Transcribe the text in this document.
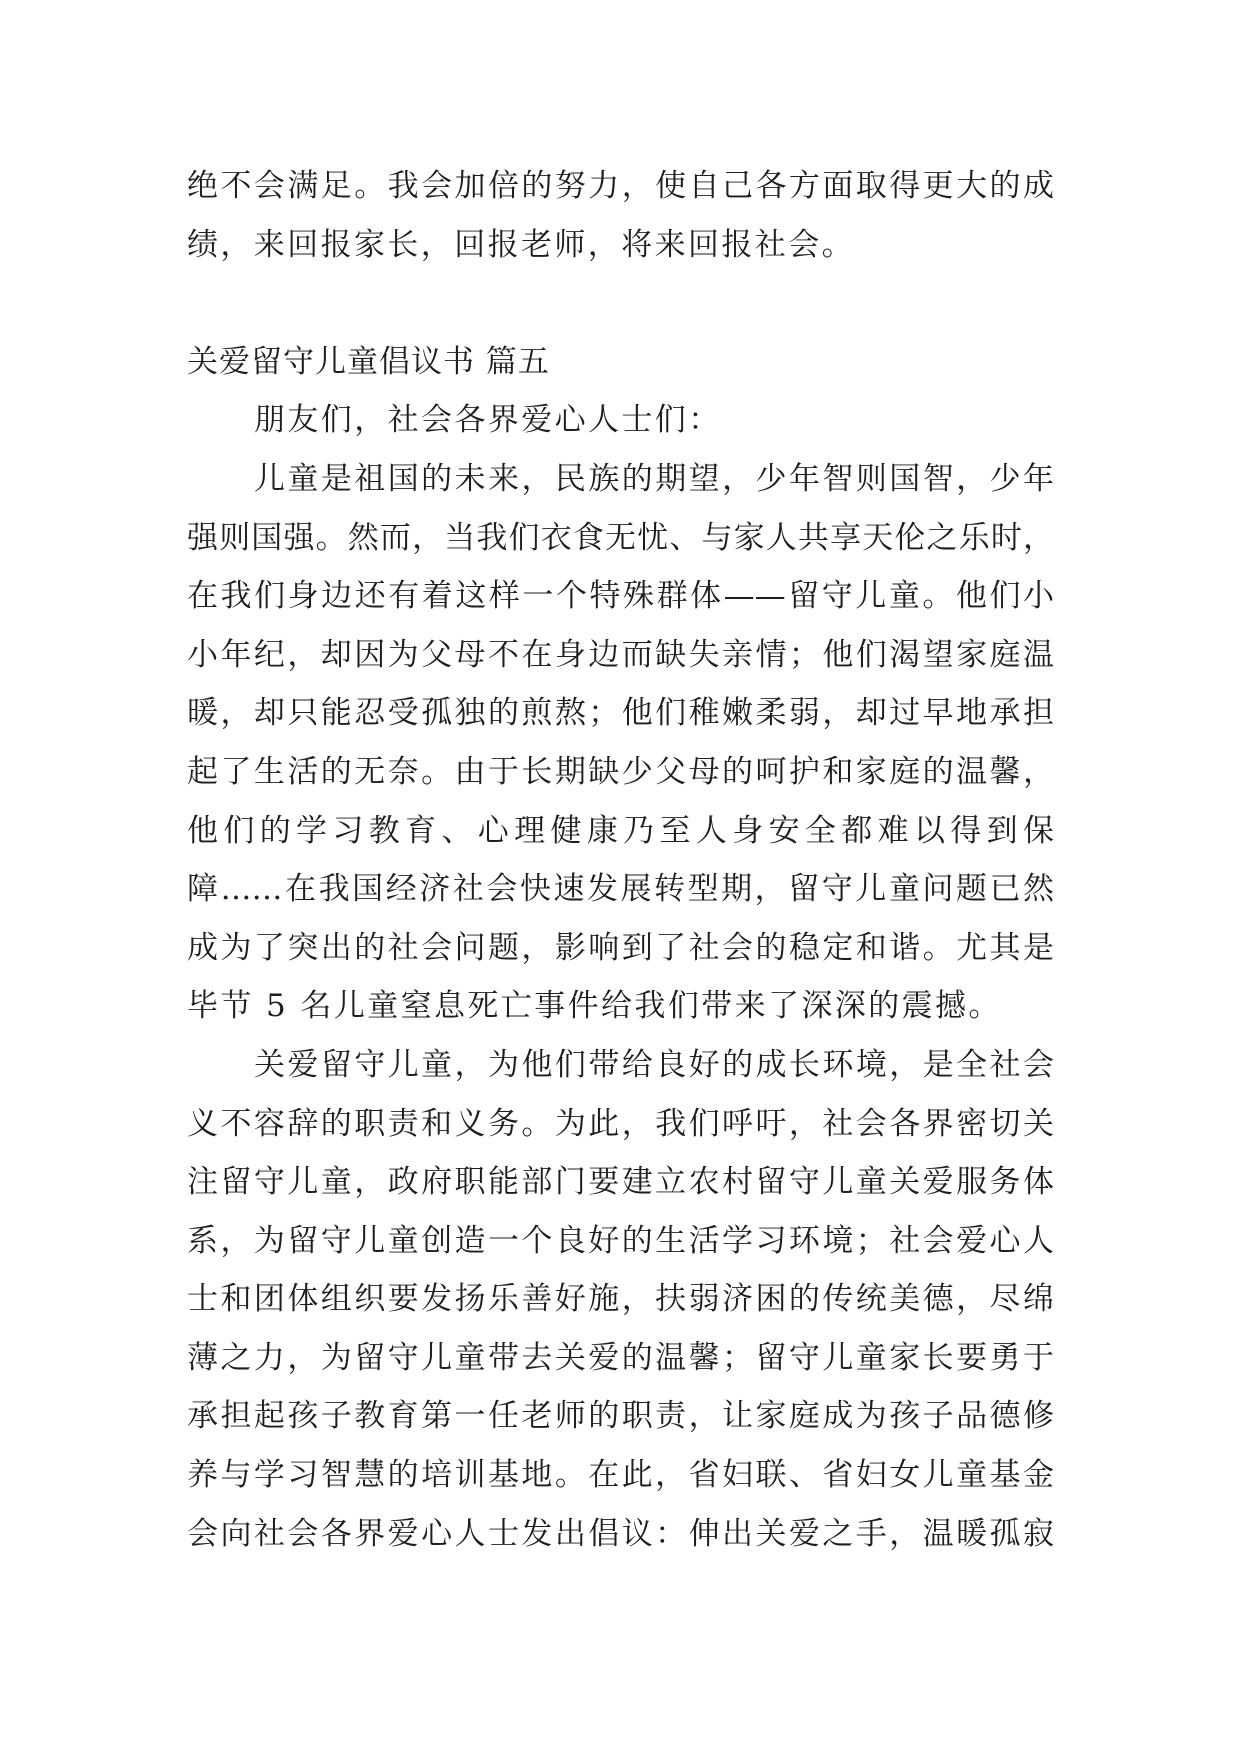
绝不会满足。我会加倍的努力，使自己各方面取得更大的成
绩，来回报家长，回报老师，将来回报社会。
关爱留守儿童倡议书 篇五
朋友们，社会各界爱心人士们：
儿童是祖国的未来，民族的期望，少年智则国智，少年
强则国强。然而，当我们衣食无忧、与家人共享天伦之乐时，
在我们身边还有着这样一个特殊群体——留守儿童。他们小
小年纪，却因为父母不在身边而缺失亲情；他们渴望家庭温
暖，却只能忍受孤独的煎熬；他们稚嫩柔弱，却过早地承担
起了生活的无奈。由于长期缺少父母的呵护和家庭的温馨，
他们的学习教育、心理健康乃至人身安全都难以得到保
障……在我国经济社会快速发展转型期，留守儿童问题已然
成为了突出的社会问题，影响到了社会的稳定和谐。尤其是
毕节 5 名儿童窒息死亡事件给我们带来了深深的震撼。
关爱留守儿童，为他们带给良好的成长环境，是全社会
义不容辞的职责和义务。为此，我们呼吁，社会各界密切关
注留守儿童，政府职能部门要建立农村留守儿童关爱服务体
系，为留守儿童创造一个良好的生活学习环境；社会爱心人
士和团体组织要发扬乐善好施，扶弱济困的传统美德，尽绵
薄之力，为留守儿童带去关爱的温馨；留守儿童家长要勇于
承担起孩子教育第一任老师的职责，让家庭成为孩子品德修
养与学习智慧的培训基地。在此，省妇联、省妇女儿童基金
会向社会各界爱心人士发出倡议：伸出关爱之手，温暖孤寂
